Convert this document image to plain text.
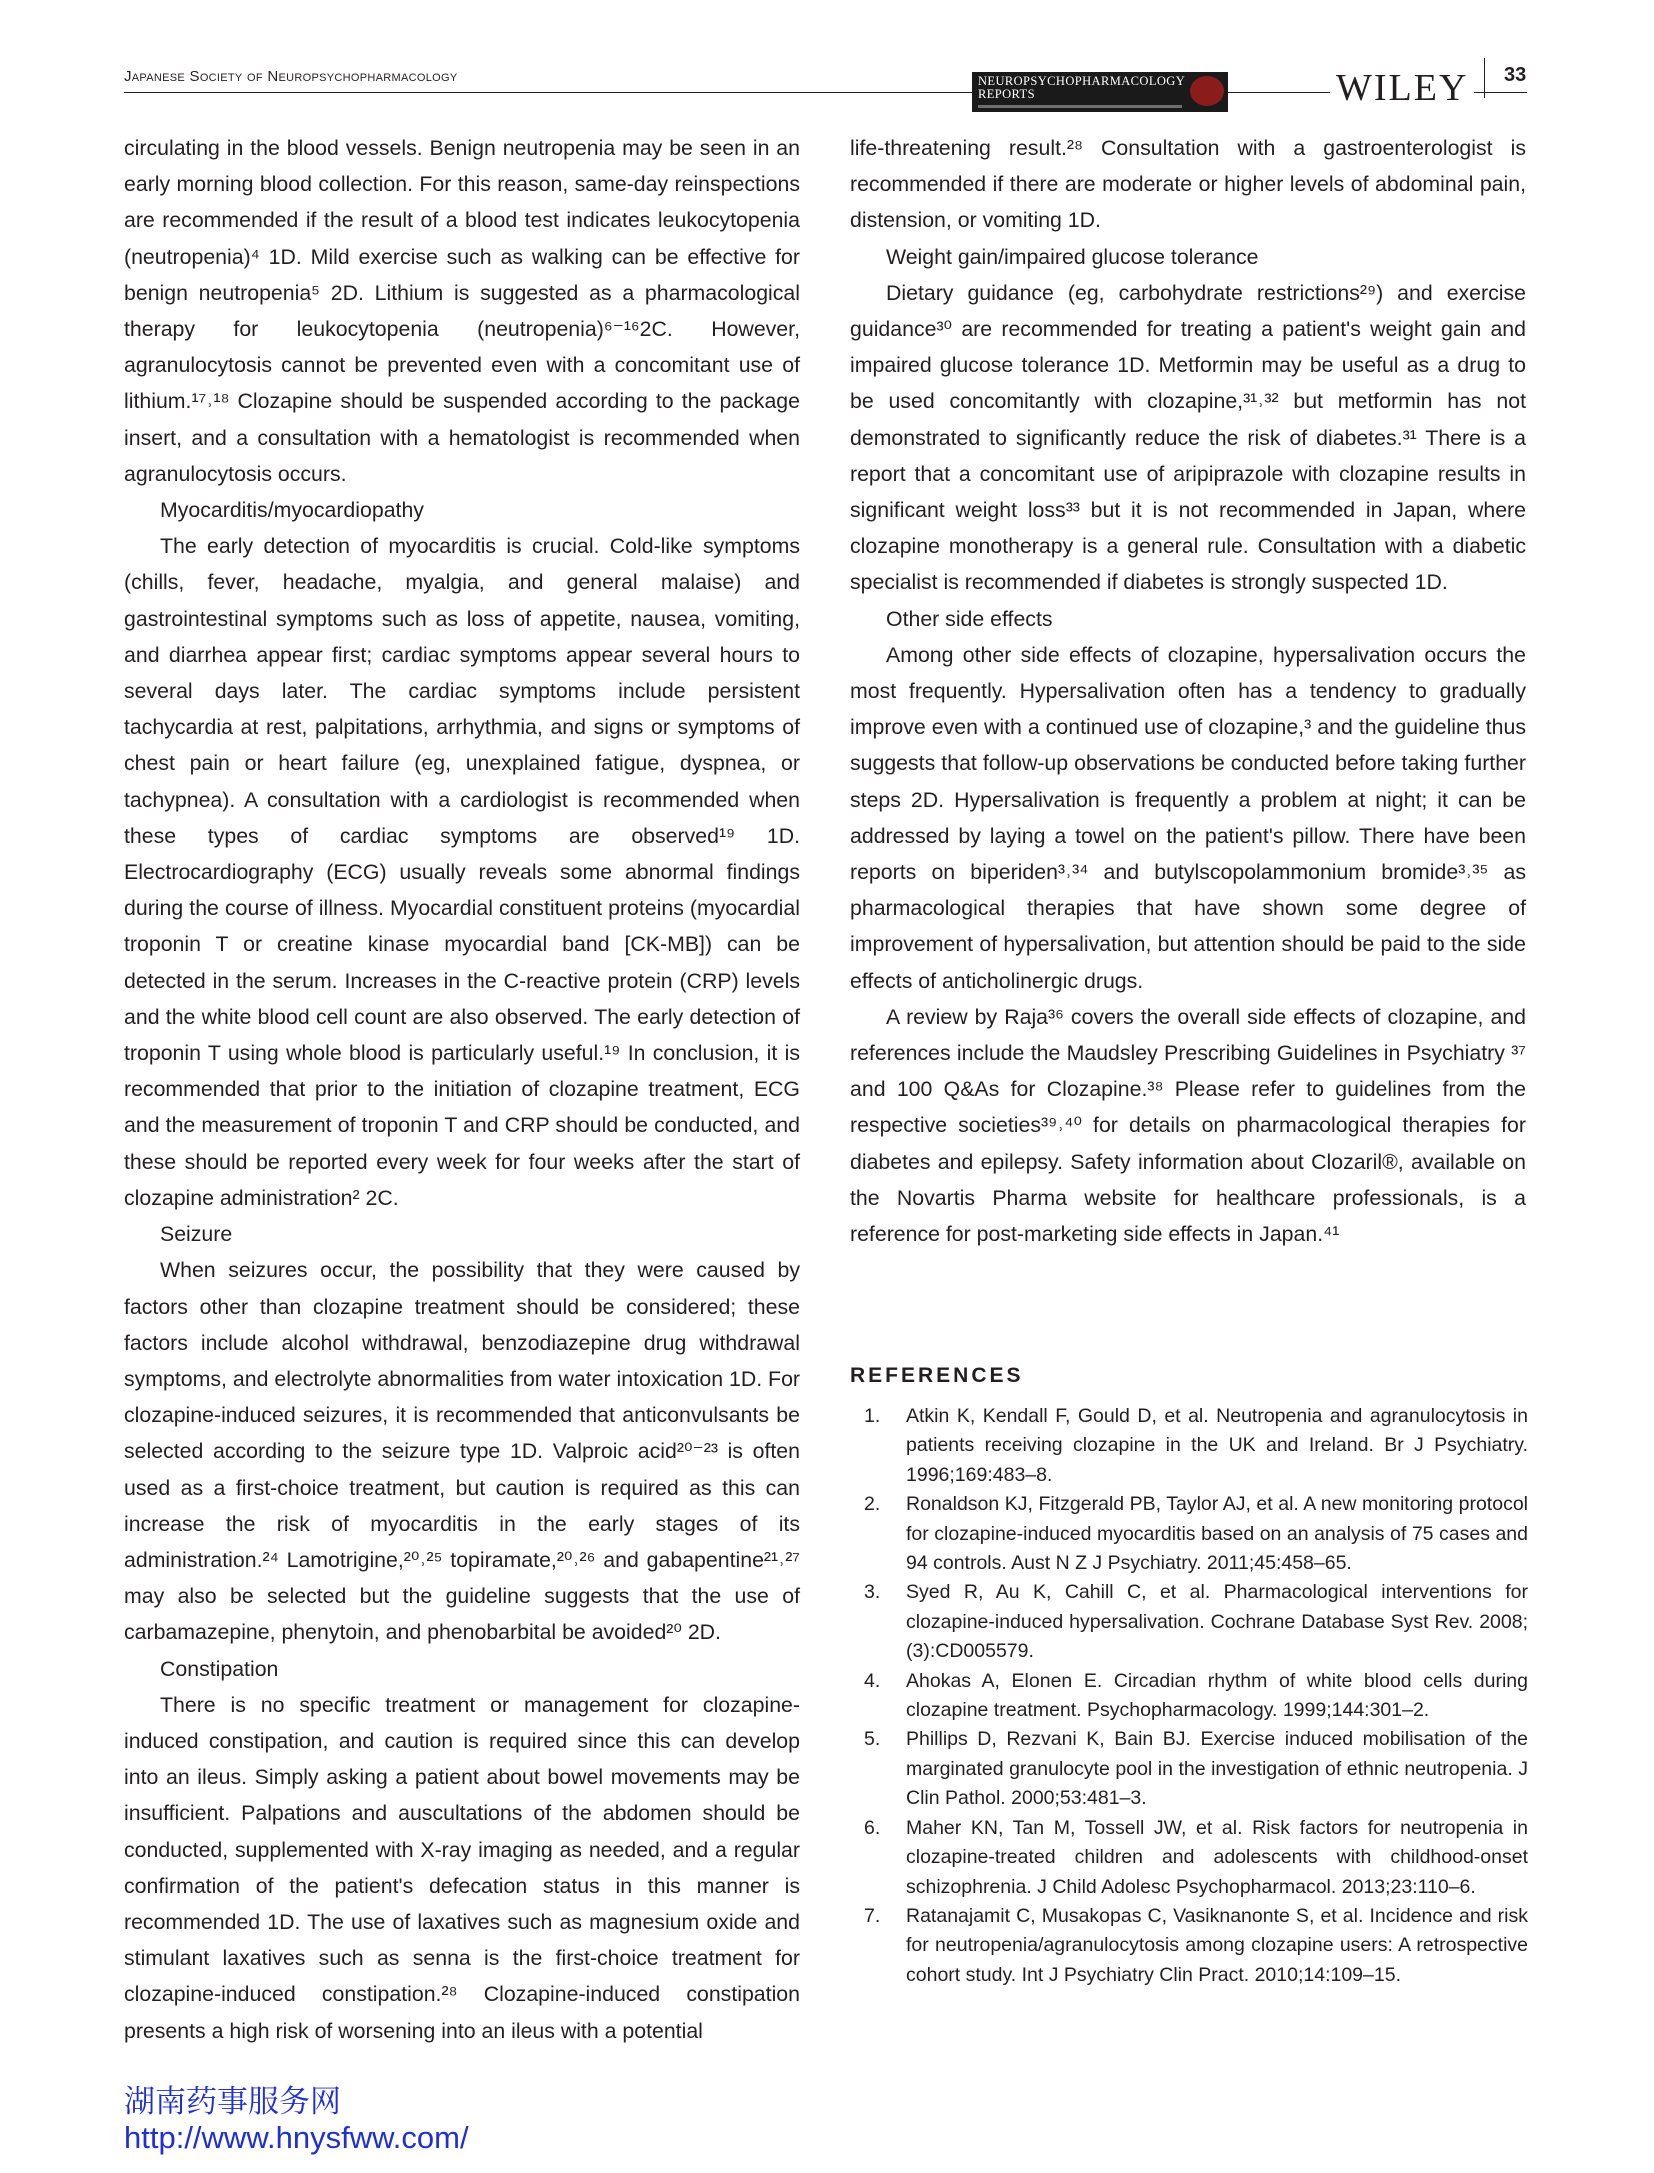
Japanese Society of Neuropsychopharmacology	NEUROPSYCHOPHARMACOLOGY
REPORTS	WILEY	33

circulating in the blood vessels. Benign neutropenia may be seen in an early morning blood collection. For this reason, same-day reinspections are recommended if the result of a blood test indicates leukocytopenia (neutropenia)⁴ 1D. Mild exercise such as walking can be effective for benign neutropenia⁵ 2D. Lithium is suggested as a pharmacological therapy for leukocytopenia (neutropenia)⁶⁻¹⁶2C. However, agranulocytosis cannot be prevented even with a concomitant use of lithium.¹⁷˒¹⁸ Clozapine should be suspended according to the package insert, and a consultation with a hematologist is recommended when agranulocytosis occurs.

Myocarditis/myocardiopathy

The early detection of myocarditis is crucial. Cold-like symptoms (chills, fever, headache, myalgia, and general malaise) and gastrointestinal symptoms such as loss of appetite, nausea, vomiting, and diarrhea appear first; cardiac symptoms appear several hours to several days later. The cardiac symptoms include persistent tachycardia at rest, palpitations, arrhythmia, and signs or symptoms of chest pain or heart failure (eg, unexplained fatigue, dyspnea, or tachypnea). A consultation with a cardiologist is recommended when these types of cardiac symptoms are observed¹⁹ 1D. Electrocardiography (ECG) usually reveals some abnormal findings during the course of illness. Myocardial constituent proteins (myocardial troponin T or creatine kinase myocardial band [CK-MB]) can be detected in the serum. Increases in the C-reactive protein (CRP) levels and the white blood cell count are also observed. The early detection of troponin T using whole blood is particularly useful.¹⁹ In conclusion, it is recommended that prior to the initiation of clozapine treatment, ECG and the measurement of troponin T and CRP should be conducted, and these should be reported every week for four weeks after the start of clozapine administration² 2C.

Seizure

When seizures occur, the possibility that they were caused by factors other than clozapine treatment should be considered; these factors include alcohol withdrawal, benzodiazepine drug withdrawal symptoms, and electrolyte abnormalities from water intoxication 1D. For clozapine-induced seizures, it is recommended that anticonvulsants be selected according to the seizure type 1D. Valproic acid²⁰⁻²³ is often used as a first-choice treatment, but caution is required as this can increase the risk of myocarditis in the early stages of its administration.²⁴ Lamotrigine,²⁰˒²⁵ topiramate,²⁰˒²⁶ and gabapentine²¹˒²⁷ may also be selected but the guideline suggests that the use of carbamazepine, phenytoin, and phenobarbital be avoided²⁰ 2D.

Constipation

There is no specific treatment or management for clozapine-induced constipation, and caution is required since this can develop into an ileus. Simply asking a patient about bowel movements may be insufficient. Palpations and auscultations of the abdomen should be conducted, supplemented with X-ray imaging as needed, and a regular confirmation of the patient's defecation status in this manner is recommended 1D. The use of laxatives such as magnesium oxide and stimulant laxatives such as senna is the first-choice treatment for clozapine-induced constipation.²⁸ Clozapine-induced constipation presents a high risk of worsening into an ileus with a potential

life-threatening result.²⁸ Consultation with a gastroenterologist is recommended if there are moderate or higher levels of abdominal pain, distension, or vomiting 1D.

Weight gain/impaired glucose tolerance

Dietary guidance (eg, carbohydrate restrictions²⁹) and exercise guidance³⁰ are recommended for treating a patient's weight gain and impaired glucose tolerance 1D. Metformin may be useful as a drug to be used concomitantly with clozapine,³¹˒³² but metformin has not demonstrated to significantly reduce the risk of diabetes.³¹ There is a report that a concomitant use of aripiprazole with clozapine results in significant weight loss³³ but it is not recommended in Japan, where clozapine monotherapy is a general rule. Consultation with a diabetic specialist is recommended if diabetes is strongly suspected 1D.

Other side effects

Among other side effects of clozapine, hypersalivation occurs the most frequently. Hypersalivation often has a tendency to gradually improve even with a continued use of clozapine,³ and the guideline thus suggests that follow-up observations be conducted before taking further steps 2D. Hypersalivation is frequently a problem at night; it can be addressed by laying a towel on the patient's pillow. There have been reports on biperiden³˒³⁴ and butylscopolammonium bromide³˒³⁵ as pharmacological therapies that have shown some degree of improvement of hypersalivation, but attention should be paid to the side effects of anticholinergic drugs.

A review by Raja³⁶ covers the overall side effects of clozapine, and references include the Maudsley Prescribing Guidelines in Psychiatry ³⁷ and 100 Q&As for Clozapine.³⁸ Please refer to guidelines from the respective societies³⁹˒⁴⁰ for details on pharmacological therapies for diabetes and epilepsy. Safety information about Clozaril®, available on the Novartis Pharma website for healthcare professionals, is a reference for post-marketing side effects in Japan.⁴¹

REFERENCES
1. Atkin K, Kendall F, Gould D, et al. Neutropenia and agranulocytosis in patients receiving clozapine in the UK and Ireland. Br J Psychiatry. 1996;169:483–8.
2. Ronaldson KJ, Fitzgerald PB, Taylor AJ, et al. A new monitoring protocol for clozapine-induced myocarditis based on an analysis of 75 cases and 94 controls. Aust N Z J Psychiatry. 2011;45:458–65.
3. Syed R, Au K, Cahill C, et al. Pharmacological interventions for clozapine-induced hypersalivation. Cochrane Database Syst Rev. 2008;(3):CD005579.
4. Ahokas A, Elonen E. Circadian rhythm of white blood cells during clozapine treatment. Psychopharmacology. 1999;144:301–2.
5. Phillips D, Rezvani K, Bain BJ. Exercise induced mobilisation of the marginated granulocyte pool in the investigation of ethnic neutropenia. J Clin Pathol. 2000;53:481–3.
6. Maher KN, Tan M, Tossell JW, et al. Risk factors for neutropenia in clozapine-treated children and adolescents with childhood-onset schizophrenia. J Child Adolesc Psychopharmacol. 2013;23:110–6.
7. Ratanajamit C, Musakopas C, Vasiknanonte S, et al. Incidence and risk for neutropenia/agranulocytosis among clozapine users: A retrospective cohort study. Int J Psychiatry Clin Pract. 2010;14:109–15.
湖南药事服务网
http://www.hnysfww.com/
